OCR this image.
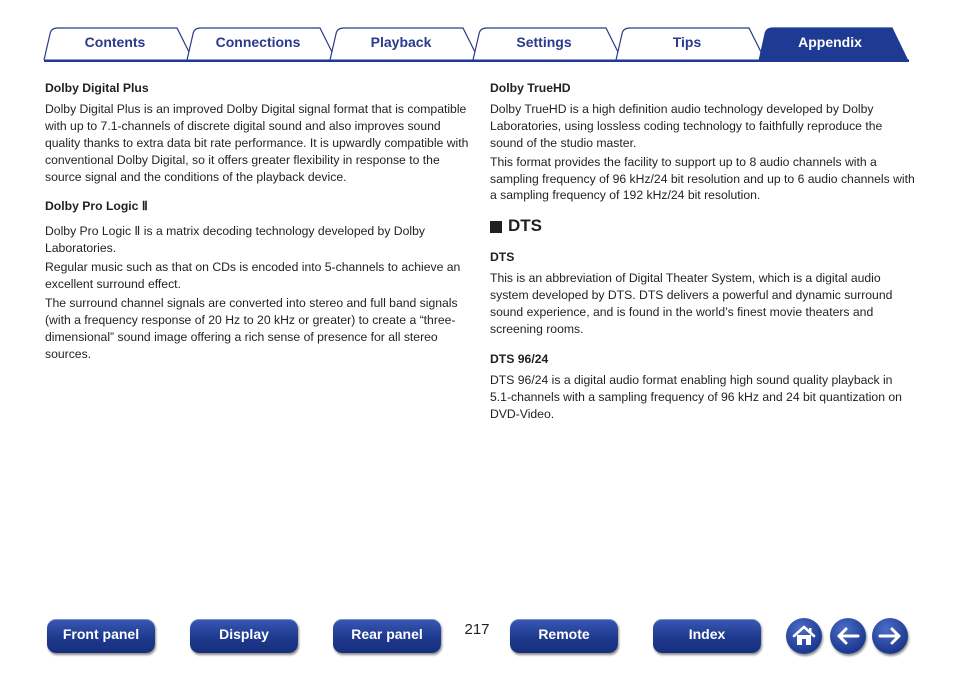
Contents	Connections	Playback	Settings	Tips	Appendix
Dolby Digital Plus

Dolby Digital Plus is an improved Dolby Digital signal format that is compatible with up to 7.1-channels of discrete digital sound and also improves sound quality thanks to extra data bit rate performance. It is upwardly compatible with conventional Dolby Digital, so it offers greater flexibility in response to the source signal and the conditions of the playback device.

Dolby Pro Logic Ⅱ

Dolby Pro Logic Ⅱ is a matrix decoding technology developed by Dolby Laboratories.

Regular music such as that on CDs is encoded into 5-channels to achieve an excellent surround effect.

The surround channel signals are converted into stereo and full band signals (with a frequency response of 20 Hz to 20 kHz or greater) to create a “three-dimensional” sound image offering a rich sense of presence for all stereo sources.

Dolby TrueHD

Dolby TrueHD is a high definition audio technology developed by Dolby Laboratories, using lossless coding technology to faithfully reproduce the sound of the studio master.

This format provides the facility to support up to 8 audio channels with a sampling frequency of 96 kHz/24 bit resolution and up to 6 audio channels with a sampling frequency of 192 kHz/24 bit resolution.

DTS
DTS

This is an abbreviation of Digital Theater System, which is a digital audio system developed by DTS. DTS delivers a powerful and dynamic surround sound experience, and is found in the world’s finest movie theaters and screening rooms.

DTS 96/24

DTS 96/24 is a digital audio format enabling high sound quality playback in 5.1-channels with a sampling frequency of 96 kHz and 24 bit quantization on DVD-Video.

Front panel	Display	Rear panel	217	Remote	Index
